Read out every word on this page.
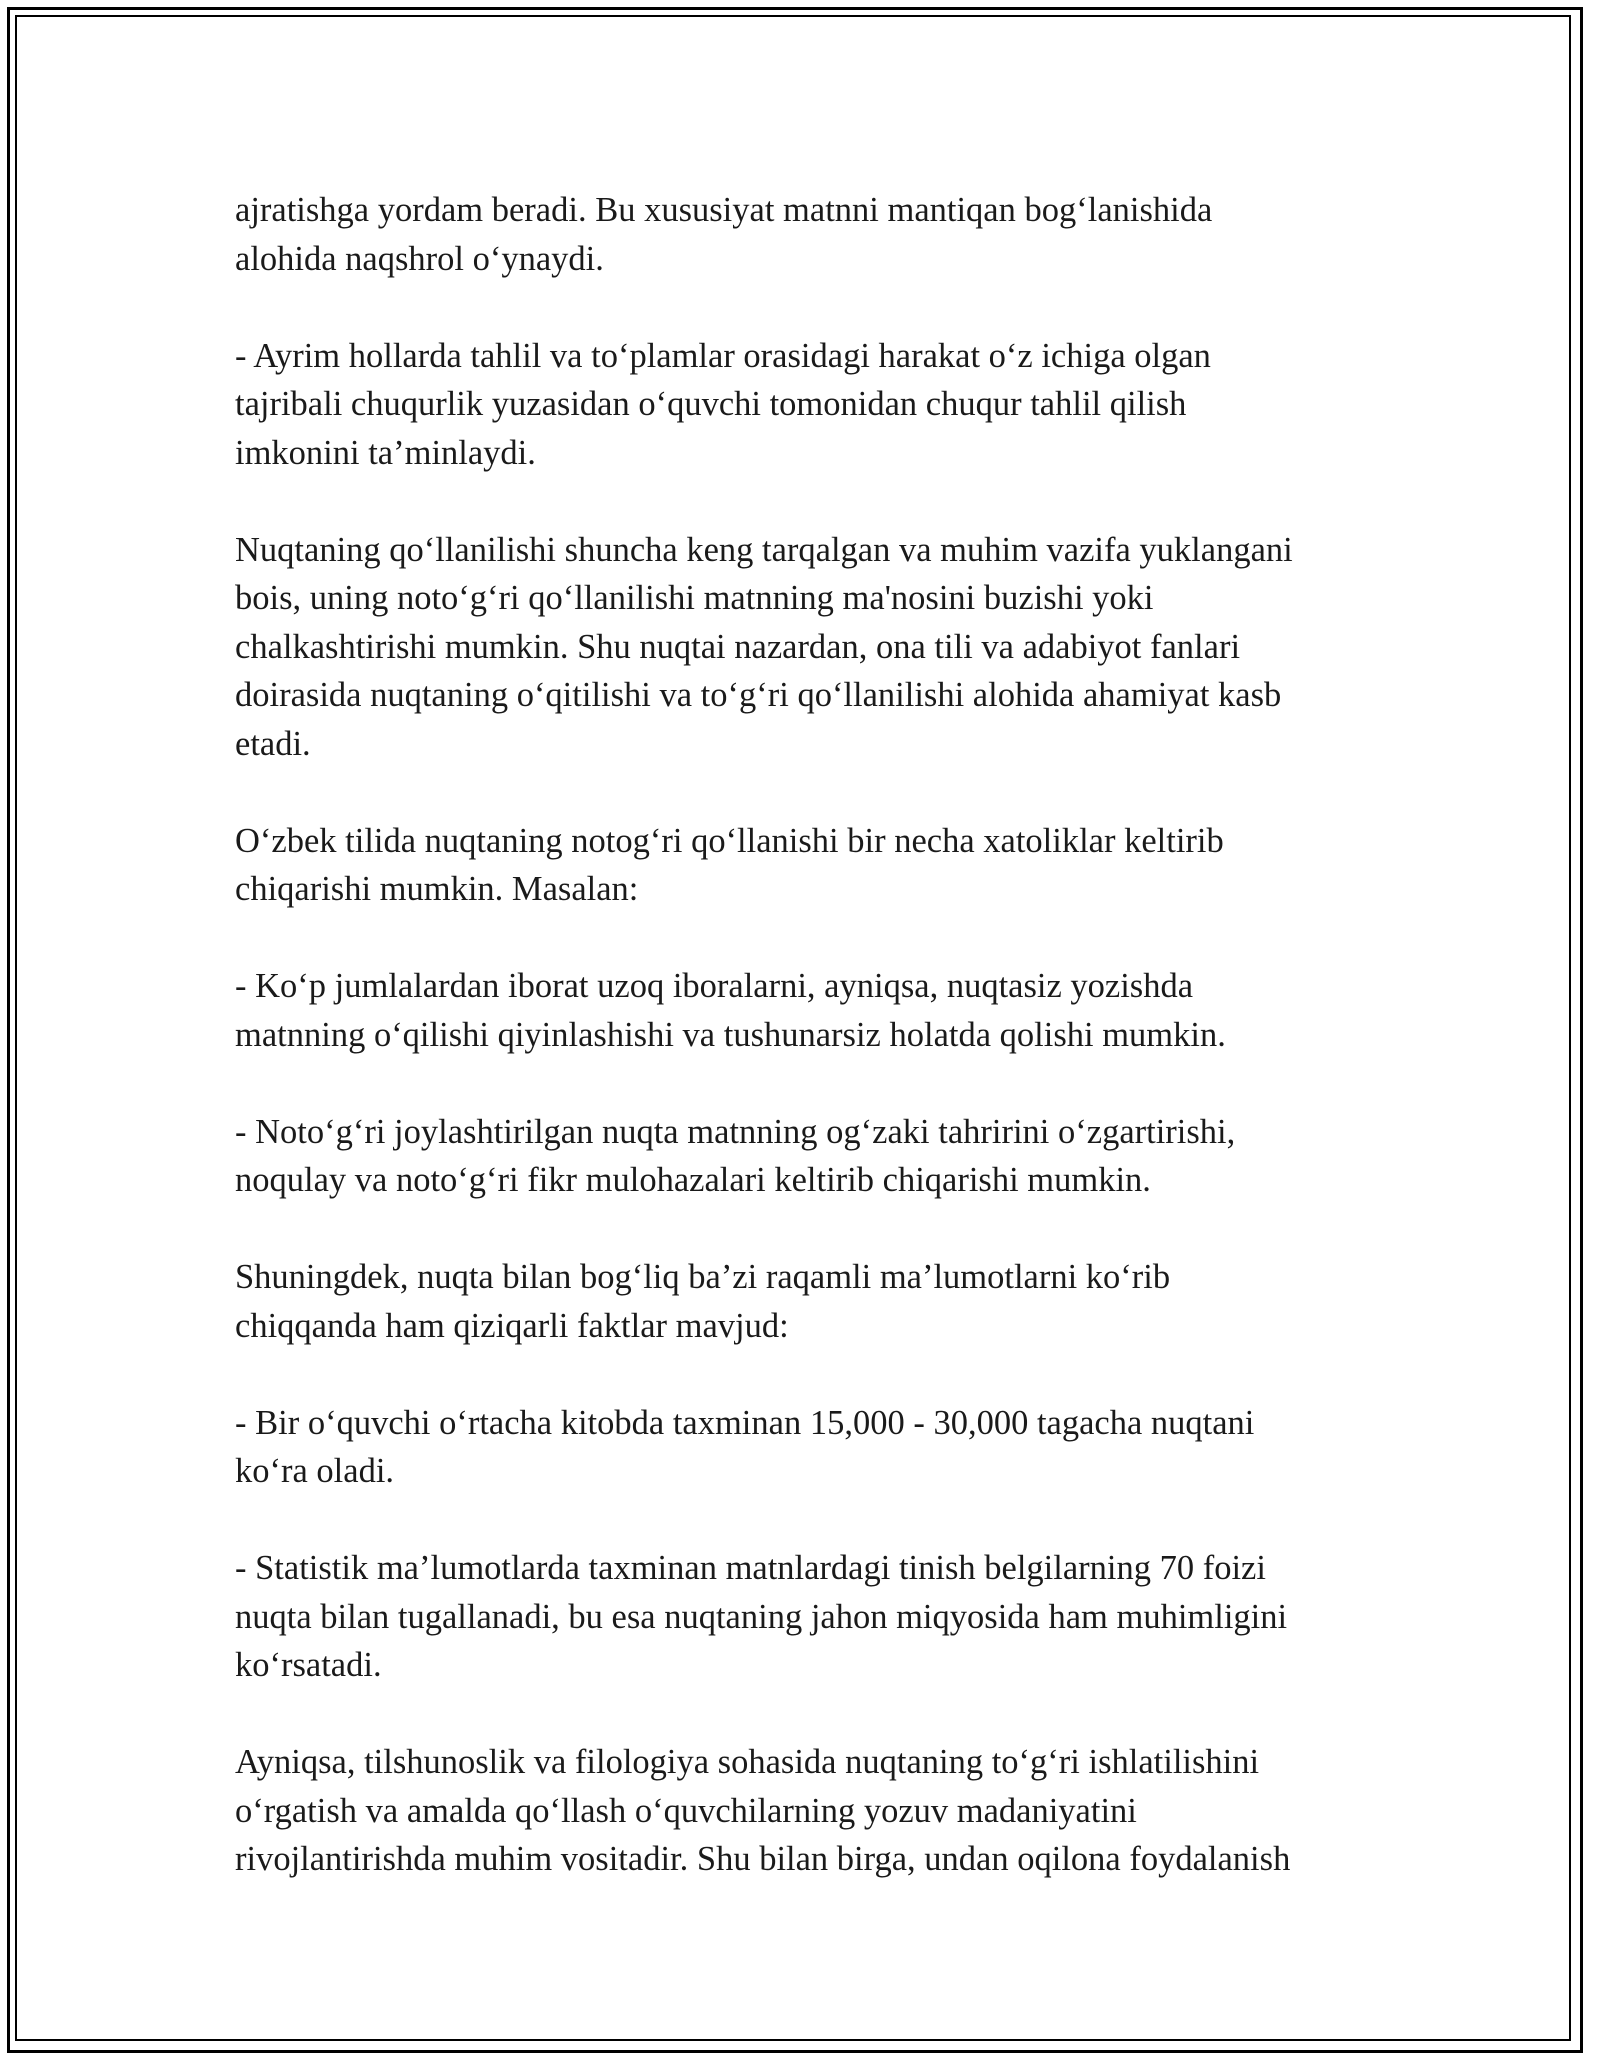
ajratishga yordam beradi. Bu xususiyat matnni mantiqan bog‘lanishida
alohida naqshrol o‘ynaydi.

- Ayrim hollarda tahlil va to‘plamlar orasidagi harakat o‘z ichiga olgan
tajribali chuqurlik yuzasidan o‘quvchi tomonidan chuqur tahlil qilish
imkonini ta’minlaydi.

Nuqtaning qo‘llanilishi shuncha keng tarqalgan va muhim vazifa yuklangani
bois, uning noto‘g‘ri qo‘llanilishi matnning ma'nosini buzishi yoki
chalkashtirishi mumkin. Shu nuqtai nazardan, ona tili va adabiyot fanlari
doirasida nuqtaning o‘qitilishi va to‘g‘ri qo‘llanilishi alohida ahamiyat kasb
etadi.

O‘zbek tilida nuqtaning notog‘ri qo‘llanishi bir necha xatoliklar keltirib
chiqarishi mumkin. Masalan:

- Ko‘p jumlalardan iborat uzoq iboralarni, ayniqsa, nuqtasiz yozishda
matnning o‘qilishi qiyinlashishi va tushunarsiz holatda qolishi mumkin.

- Noto‘g‘ri joylashtirilgan nuqta matnning og‘zaki tahririni o‘zgartirishi,
noqulay va noto‘g‘ri fikr mulohazalari keltirib chiqarishi mumkin.

Shuningdek, nuqta bilan bog‘liq ba’zi raqamli ma’lumotlarni ko‘rib
chiqqanda ham qiziqarli faktlar mavjud:

- Bir o‘quvchi o‘rtacha kitobda taxminan 15,000 - 30,000 tagacha nuqtani
ko‘ra oladi.

- Statistik ma’lumotlarda taxminan matnlardagi tinish belgilarning 70 foizi
nuqta bilan tugallanadi, bu esa nuqtaning jahon miqyosida ham muhimligini
ko‘rsatadi.

Ayniqsa, tilshunoslik va filologiya sohasida nuqtaning to‘g‘ri ishlatilishini
o‘rgatish va amalda qo‘llash o‘quvchilarning yozuv madaniyatini
rivojlantirishda muhim vositadir. Shu bilan birga, undan oqilona foydalanish
